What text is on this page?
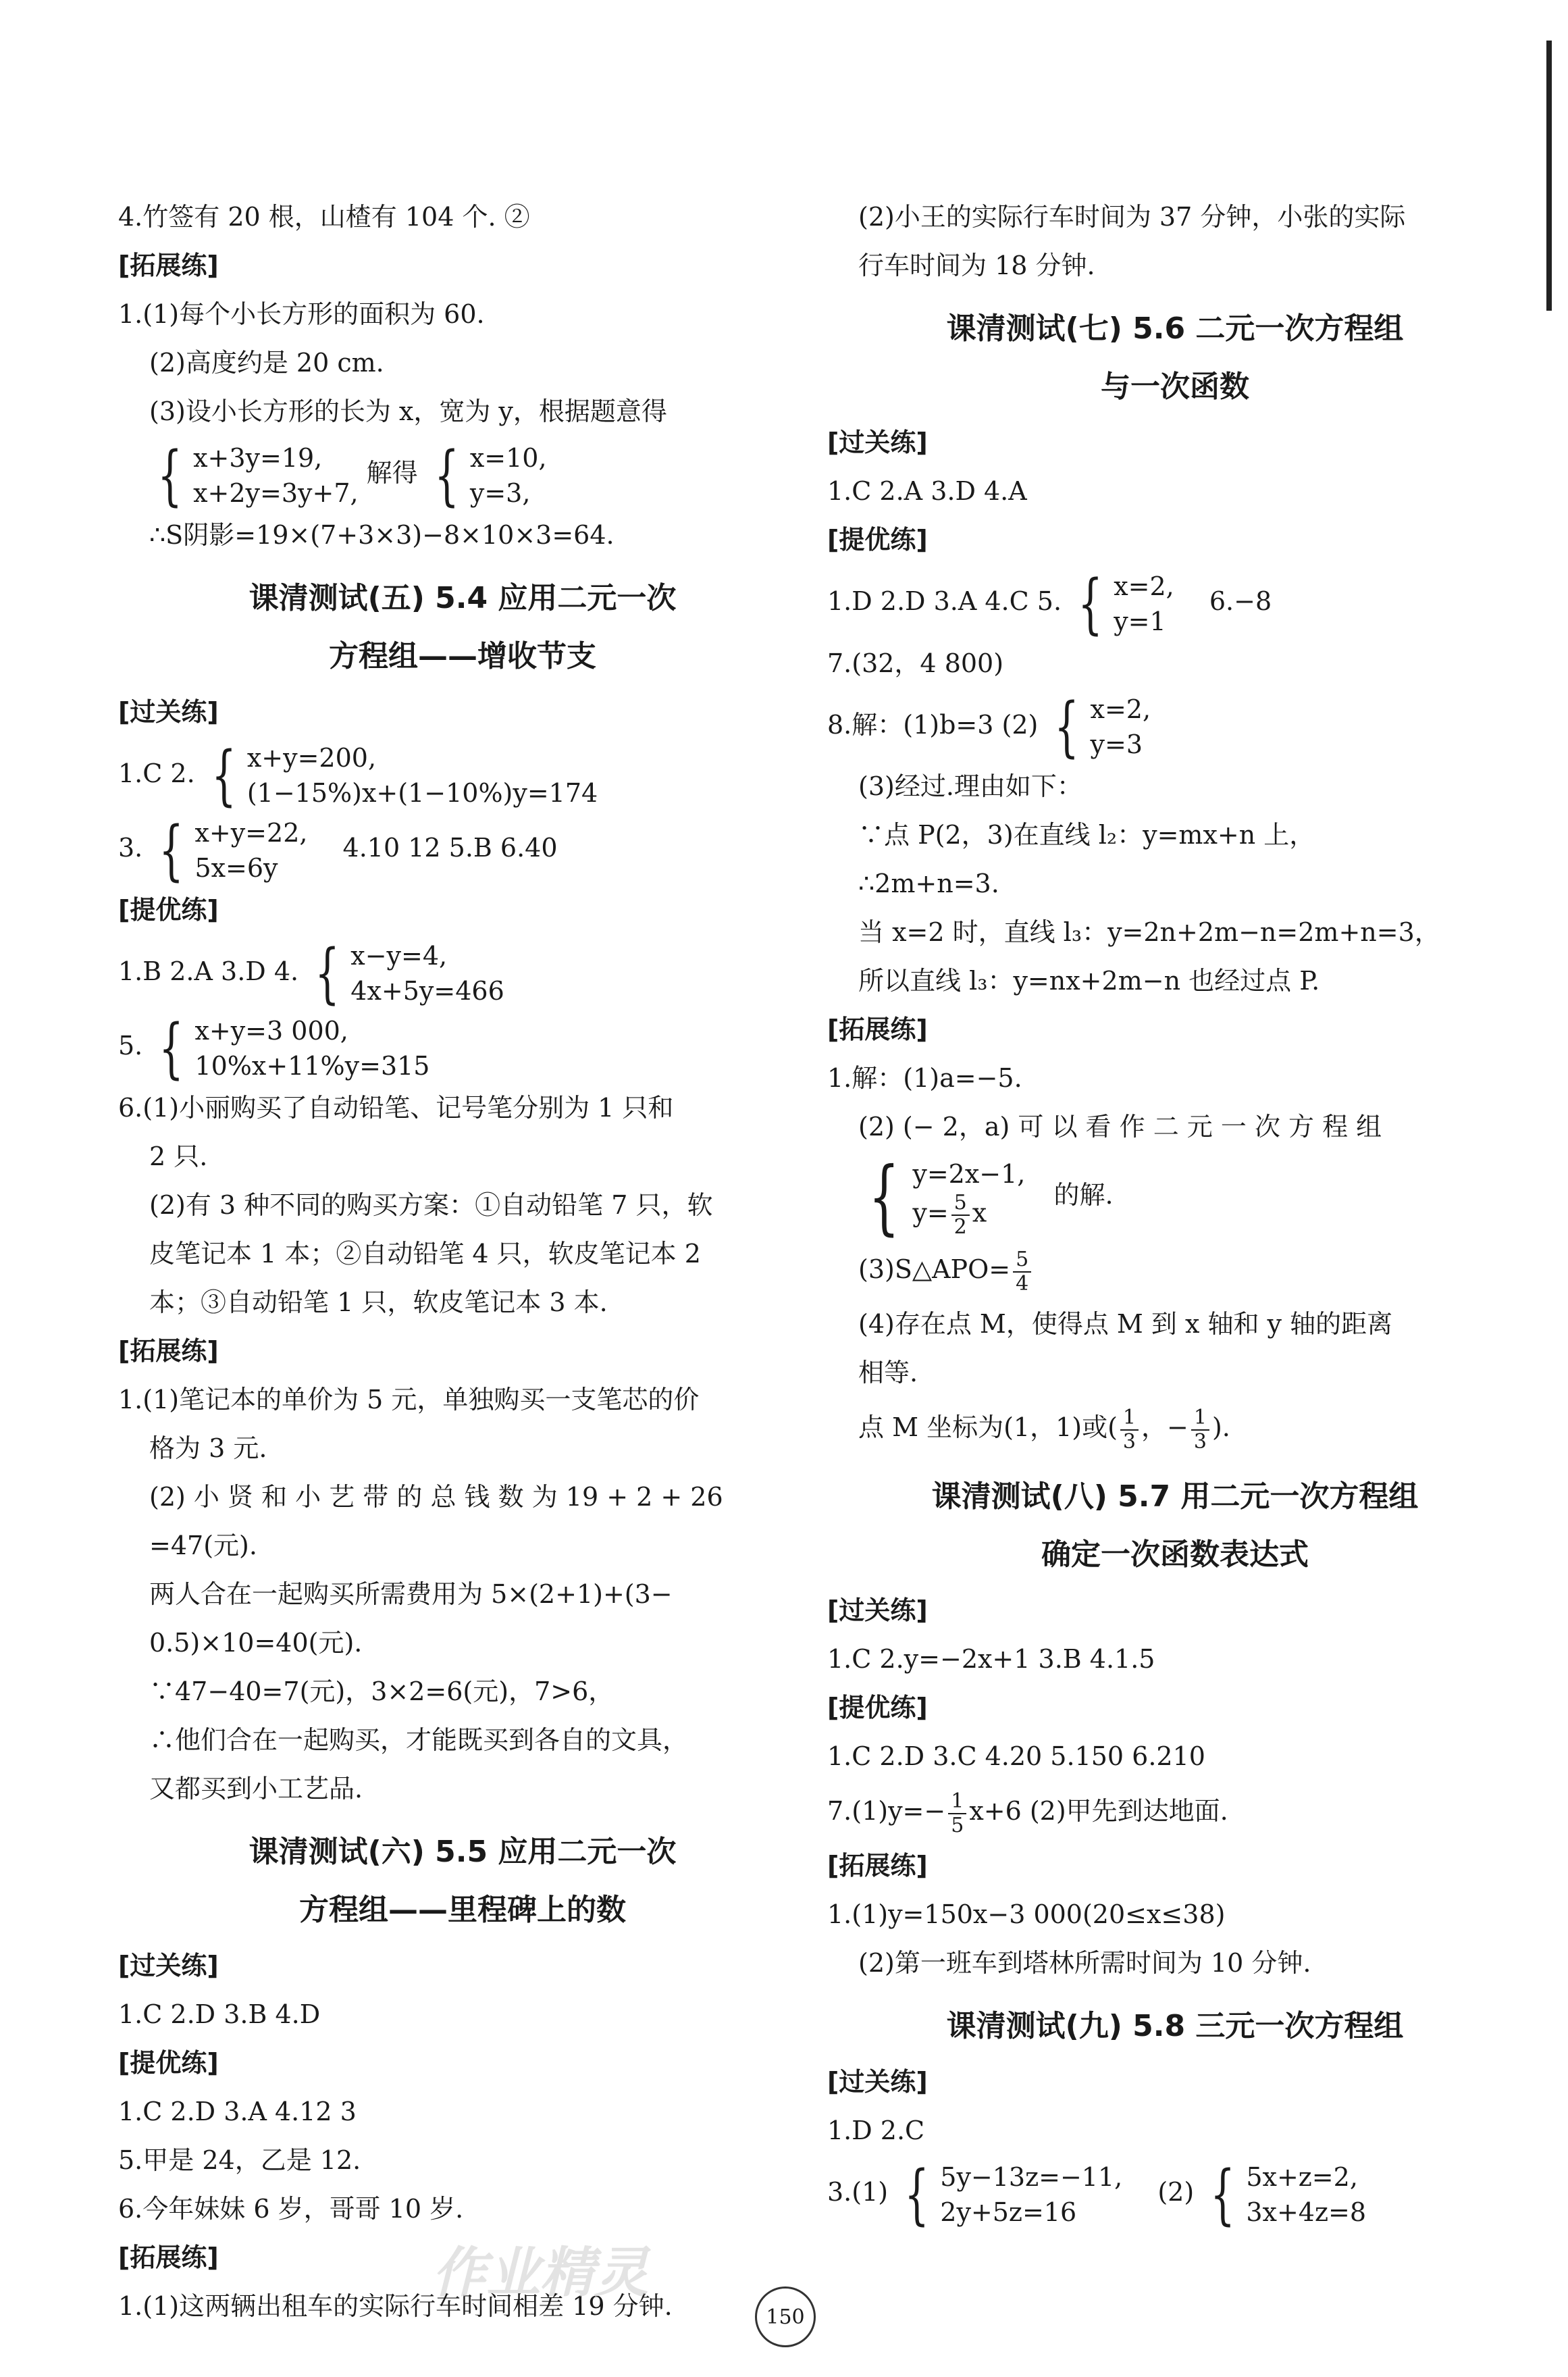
4.竹签有 20 根，山楂有 104 个. ②
[拓展练]
1.(1)每个小长方形的面积为 60.
(2)高度约是 20 cm.
(3)设小长方形的长为 x，宽为 y，根据题意得
{ x+3y=19,
x+2y=3y+7,
解得 { x=10,
y=3,
∴S阴影=19×(7+3×3)−8×10×3=64.
课清测试(五) 5.4 应用二元一次
方程组——增收节支
[过关练]
1.C 2. { x+y=200,
(1−15%)x+(1−10%)y=174
3. { x+y=22,
5x=6y
4.10 12 5.B 6.40
[提优练]
1.B 2.A 3.D 4. { x−y=4,
4x+5y=466
5. { x+y=3 000,
10%x+11%y=315
6.(1)小丽购买了自动铅笔、记号笔分别为 1 只和
2 只.
(2)有 3 种不同的购买方案：①自动铅笔 7 只，软
皮笔记本 1 本；②自动铅笔 4 只，软皮笔记本 2
本；③自动铅笔 1 只，软皮笔记本 3 本.
[拓展练]
1.(1)笔记本的单价为 5 元，单独购买一支笔芯的价
格为 3 元.
(2) 小 贤 和 小 艺 带 的 总 钱 数 为 19 + 2 + 26
=47(元).
两人合在一起购买所需费用为 5×(2+1)+(3−
0.5)×10=40(元).
∵47−40=7(元)，3×2=6(元)，7>6，
∴他们合在一起购买，才能既买到各自的文具，
又都买到小工艺品.
课清测试(六) 5.5 应用二元一次
方程组——里程碑上的数
[过关练]
1.C 2.D 3.B 4.D
[提优练]
1.C 2.D 3.A 4.12 3
5.甲是 24，乙是 12.
6.今年妹妹 6 岁，哥哥 10 岁.
[拓展练]
1.(1)这两辆出租车的实际行车时间相差 19 分钟.
(2)小王的实际行车时间为 37 分钟，小张的实际
行车时间为 18 分钟.
课清测试(七) 5.6 二元一次方程组
与一次函数
[过关练]
1.C 2.A 3.D 4.A
[提优练]
1.D 2.D 3.A 4.C 5. { x=2,
y=1
6.−8
7.(32，4 800)
8.解：(1)b=3 (2) { x=2,
y=3
(3)经过.理由如下：
∵点 P(2，3)在直线 l₂：y=mx+n 上，
∴2m+n=3.
当 x=2 时，直线 l₃：y=2n+2m−n=2m+n=3，
所以直线 l₃：y=nx+2m−n 也经过点 P.
[拓展练]
1.解：(1)a=−5.
(2) (− 2，a) 可 以 看 作 二 元 一 次 方 程 组
{ y=2x−1,
$y= \frac{5}{2}$ x
的解.
(3)S△APO= $\frac{5}{4}$
(4)存在点 M，使得点 M 到 x 轴和 y 轴的距离
相等.
点 M 坐标为(1，1)或( $\frac{1}{3}$ ，− $\frac{1}{3}$ ).
课清测试(八) 5.7 用二元一次方程组
确定一次函数表达式
[过关练]
1.C 2.y=−2x+1 3.B 4.1.5
[提优练]
1.C 2.D 3.C 4.20 5.150 6.210
$7.(1)y=- \frac{1}{5} x+6$ (2)甲先到达地面.
[拓展练]
1.(1)y=150x−3 000(20≤x≤38)
(2)第一班车到塔林所需时间为 10 分钟.
课清测试(九) 5.8 三元一次方程组
[过关练]
1.D 2.C
3.(1) { 5y−13z=−11,
2y+5z=16
(2) { 5x+z=2,
3x+4z=8
作业精灵
150
